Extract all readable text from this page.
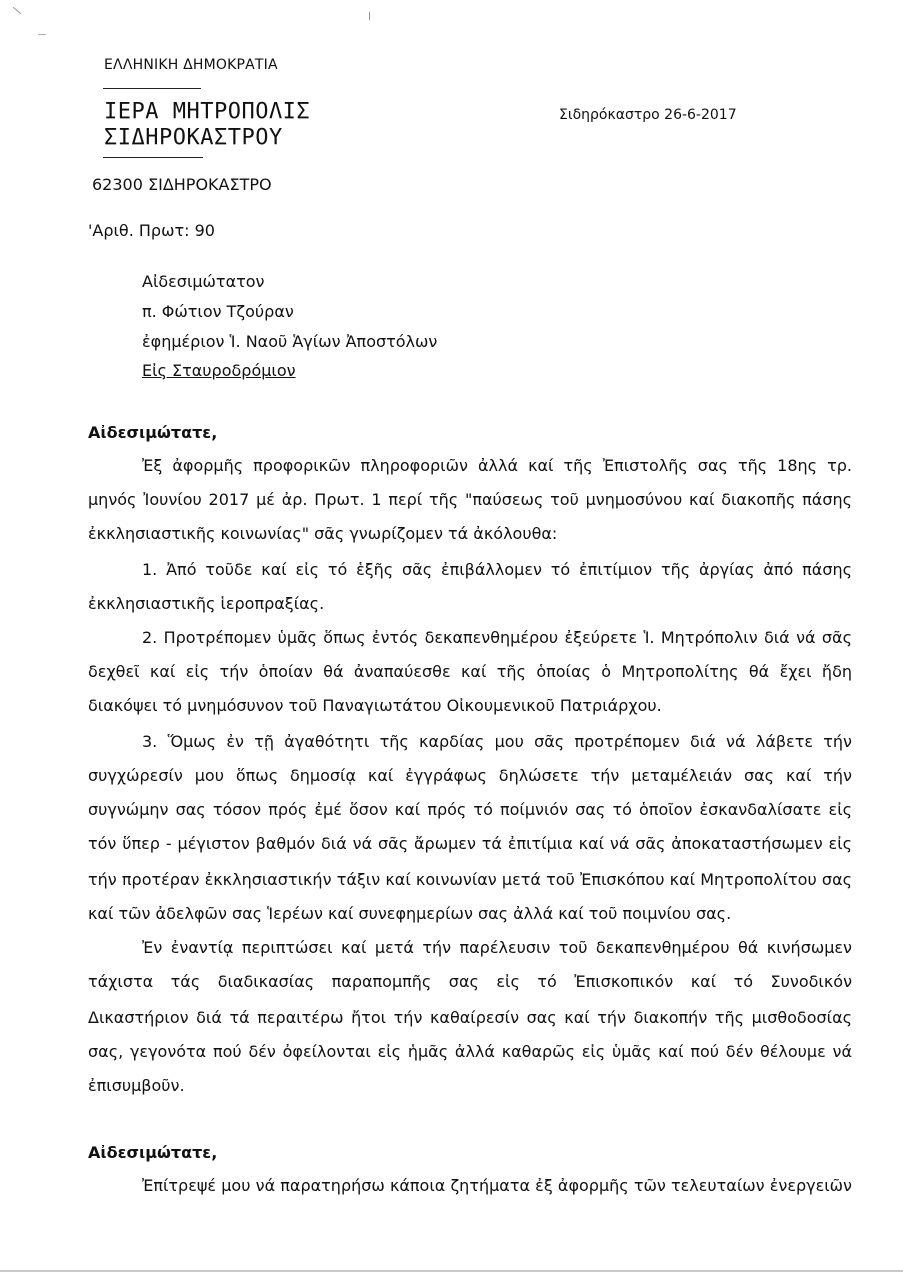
ΕΛΛΗΝΙΚΗ ΔΗΜΟΚΡΑΤΙΑ
ΙΕΡΑ ΜΗΤΡΟΠΟΛΙΣ
ΣΙΔΗΡΟΚΑΣΤΡΟΥ
Σιδηρόκαστρο 26-6-2017
62300 ΣΙΔΗΡΟΚΑΣΤΡΟ
'Αριθ. Πρωτ: 90
Αἰδεσιμώτατον
π. Φώτιον Τζούραν
ἐφημέριον Ἱ. Ναοῦ Ἁγίων Ἀποστόλων
Εἰς Σταυροδρόμιον
Αἰδεσιμώτατε,
Ἐξ ἀφορμῆς προφορικῶν πληροφοριῶν ἀλλά καί τῆς Ἐπιστολῆς σας τῆς 18ης τρ.
μηνός Ἰουνίου 2017 μέ ἀρ. Πρωτ. 1 περί τῆς "παύσεως τοῦ μνημοσύνου καί διακοπῆς πάσης
ἐκκλησιαστικῆς κοινωνίας" σᾶς γνωρίζομεν τά ἀκόλουθα:
1. Ἀπό τοῦδε καί εἰς τό ἑξῆς σᾶς ἐπιβάλλομεν τό ἐπιτίμιον τῆς ἀργίας ἀπό πάσης
ἐκκλησιαστικῆς ἱεροπραξίας.
2. Προτρέπομεν ὑμᾶς ὅπως ἐντός δεκαπενθημέρου ἐξεύρετε Ἱ. Μητρόπολιν διά νά σᾶς
δεχθεῖ καί εἰς τήν ὁποίαν θά ἀναπαύεσθε καί τῆς ὁποίας ὁ Μητροπολίτης θά ἔχει ἤδη
διακόψει τό μνημόσυνον τοῦ Παναγιωτάτου Οἰκουμενικοῦ Πατριάρχου.
3. Ὅμως ἐν τῇ ἀγαθότητι τῆς καρδίας μου σᾶς προτρέπομεν διά νά λάβετε τήν
συγχώρεσίν μου ὅπως δημοσίᾳ καί ἐγγράφως δηλώσετε τήν μεταμέλειάν σας καί τήν
συγνώμην σας τόσον πρός ἐμέ ὅσον καί πρός τό ποίμνιόν σας τό ὁποῖον ἐσκανδαλίσατε εἰς
τόν ὕπερ - μέγιστον βαθμόν διά νά σᾶς ἄρωμεν τά ἐπιτίμια καί νά σᾶς ἀποκαταστήσωμεν εἰς
τήν προτέραν ἐκκλησιαστικήν τάξιν καί κοινωνίαν μετά τοῦ Ἐπισκόπου καί Μητροπολίτου σας
καί τῶν ἀδελφῶν σας Ἱερέων καί συνεφημερίων σας ἀλλά καί τοῦ ποιμνίου σας.
Ἐν ἐναντίᾳ περιπτώσει καί μετά τήν παρέλευσιν τοῦ δεκαπενθημέρου θά κινήσωμεν
τάχιστα τάς διαδικασίας παραπομπῆς σας εἰς τό Ἐπισκοπικόν καί τό Συνοδικόν
Δικαστήριον διά τά περαιτέρω ἤτοι τήν καθαίρεσίν σας καί τήν διακοπήν τῆς μισθοδοσίας
σας, γεγονότα πού δέν ὀφείλονται εἰς ἡμᾶς ἀλλά καθαρῶς εἰς ὑμᾶς καί πού δέν θέλουμε νά
ἐπισυμβοῦν.
Αἰδεσιμώτατε,
Ἐπίτρεψέ μου νά παρατηρήσω κάποια ζητήματα ἐξ ἀφορμῆς τῶν τελευταίων ἐνεργειῶν
